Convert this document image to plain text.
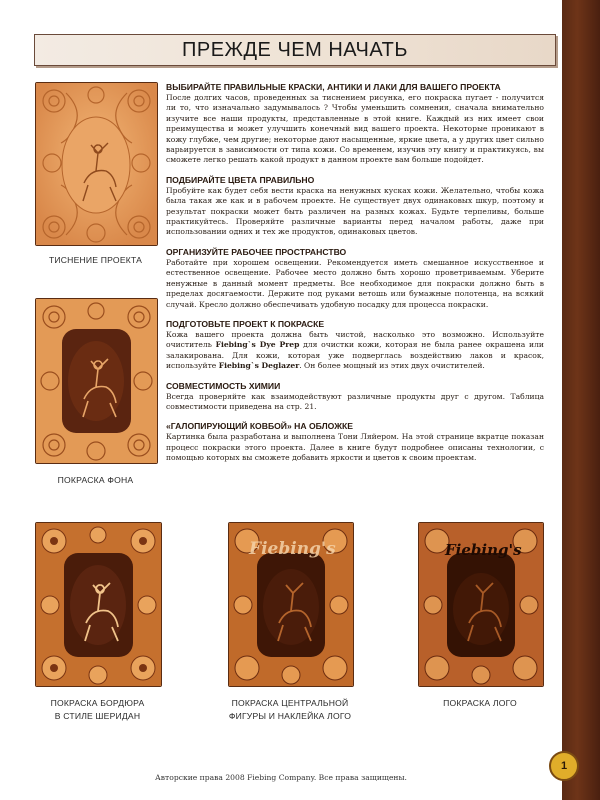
ПРЕЖДЕ ЧЕМ НАЧАТЬ
ТИСНЕНИЕ ПРОЕКТА
ПОКРАСКА ФОНА
ПОКРАСКА БОРДЮРА
В СТИЛЕ ШЕРИДАН
Fiebing's
ПОКРАСКА ЦЕНТРАЛЬНОЙ
ФИГУРЫ И НАКЛЕЙКА ЛОГО
Fiebing's
ПОКРАСКА ЛОГО
ВЫБИРАЙТЕ ПРАВИЛЬНЫЕ КРАСКИ, АНТИКИ И ЛАКИ ДЛЯ ВАШЕГО ПРОЕКТА

После долгих часов, проведенных за тиснением рисунка, его покраска пугает - получится ли то, что изначально задумывалось ? Чтобы уменьшить сомнения, сначала внимательно изучите все наши продукты, представленные в этой книге. Каждый из них имеет свои преимущества и может улучшить конечный вид вашего проекта. Некоторые проникают в кожу глубже, чем другие; некоторые дают насыщенные, яркие цвета, а у других цвет сильно варьируется в зависимости от типа кожи. Со временем, изучив эту книгу и практикуясь, вы сможете легко решать какой продукт в данном проекте вам больше подойдет.

ПОДБИРАЙТЕ ЦВЕТА ПРАВИЛЬНО

Пробуйте как будет себя вести краска на ненужных кусках кожи. Желательно, чтобы кожа была такая же как и в рабочем проекте. Не существует двух одинаковых шкур, поэтому и результат покраски может быть различен на разных кожах. Будьте терпеливы, больше практикуйтесь. Проверяйте различные варианты перед началом работы, даже при использовании одних и тех же продуктов, одинаковых цветов.

ОРГАНИЗУЙТЕ РАБОЧЕЕ ПРОСТРАНСТВО

Работайте при хорошем освещении. Рекомендуется иметь смешанное искусственное и естественное освещение. Рабочее место должно быть хорошо проветриваемым. Уберите ненужные в данный момент предметы. Все необходимое для покраски должно быть в пределах досягаемости. Держите под руками ветошь или бумажные полотенца, на всякий случай. Кресло должно обеспечивать удобную посадку для процесса покраски.

ПОДГОТОВЬТЕ ПРОЕКТ К ПОКРАСКЕ

Кожа вашего проекта должна быть чистой, насколько это возможно. Используйте очиститель Fiebing`s Dye Prep для очистки кожи, которая не была ранее окрашена или залакирована. Для кожи, которая уже подверглась воздействию лаков и красок, используйте Fiebing`s Deglazer. Он более мощный из этих двух очистителей.

СОВМЕСТИМОСТЬ ХИМИИ

Всегда проверяйте как взаимодействуют различные продукты друг с другом. Таблица совместимости приведена на стр. 21.

«ГАЛОПИРУЮЩИЙ КОВБОЙ» НА ОБЛОЖКЕ

Картинка была разработана и выполнена Тони Ляйером. На этой странице вкратце показан процесс покраски этого проекта. Далее в книге будут подробнее описаны технологии, с помощью которых вы сможете добавить яркости и цветов к своим проектам.

Авторские права 2008 Fiebing Company. Все права защищены.
1
